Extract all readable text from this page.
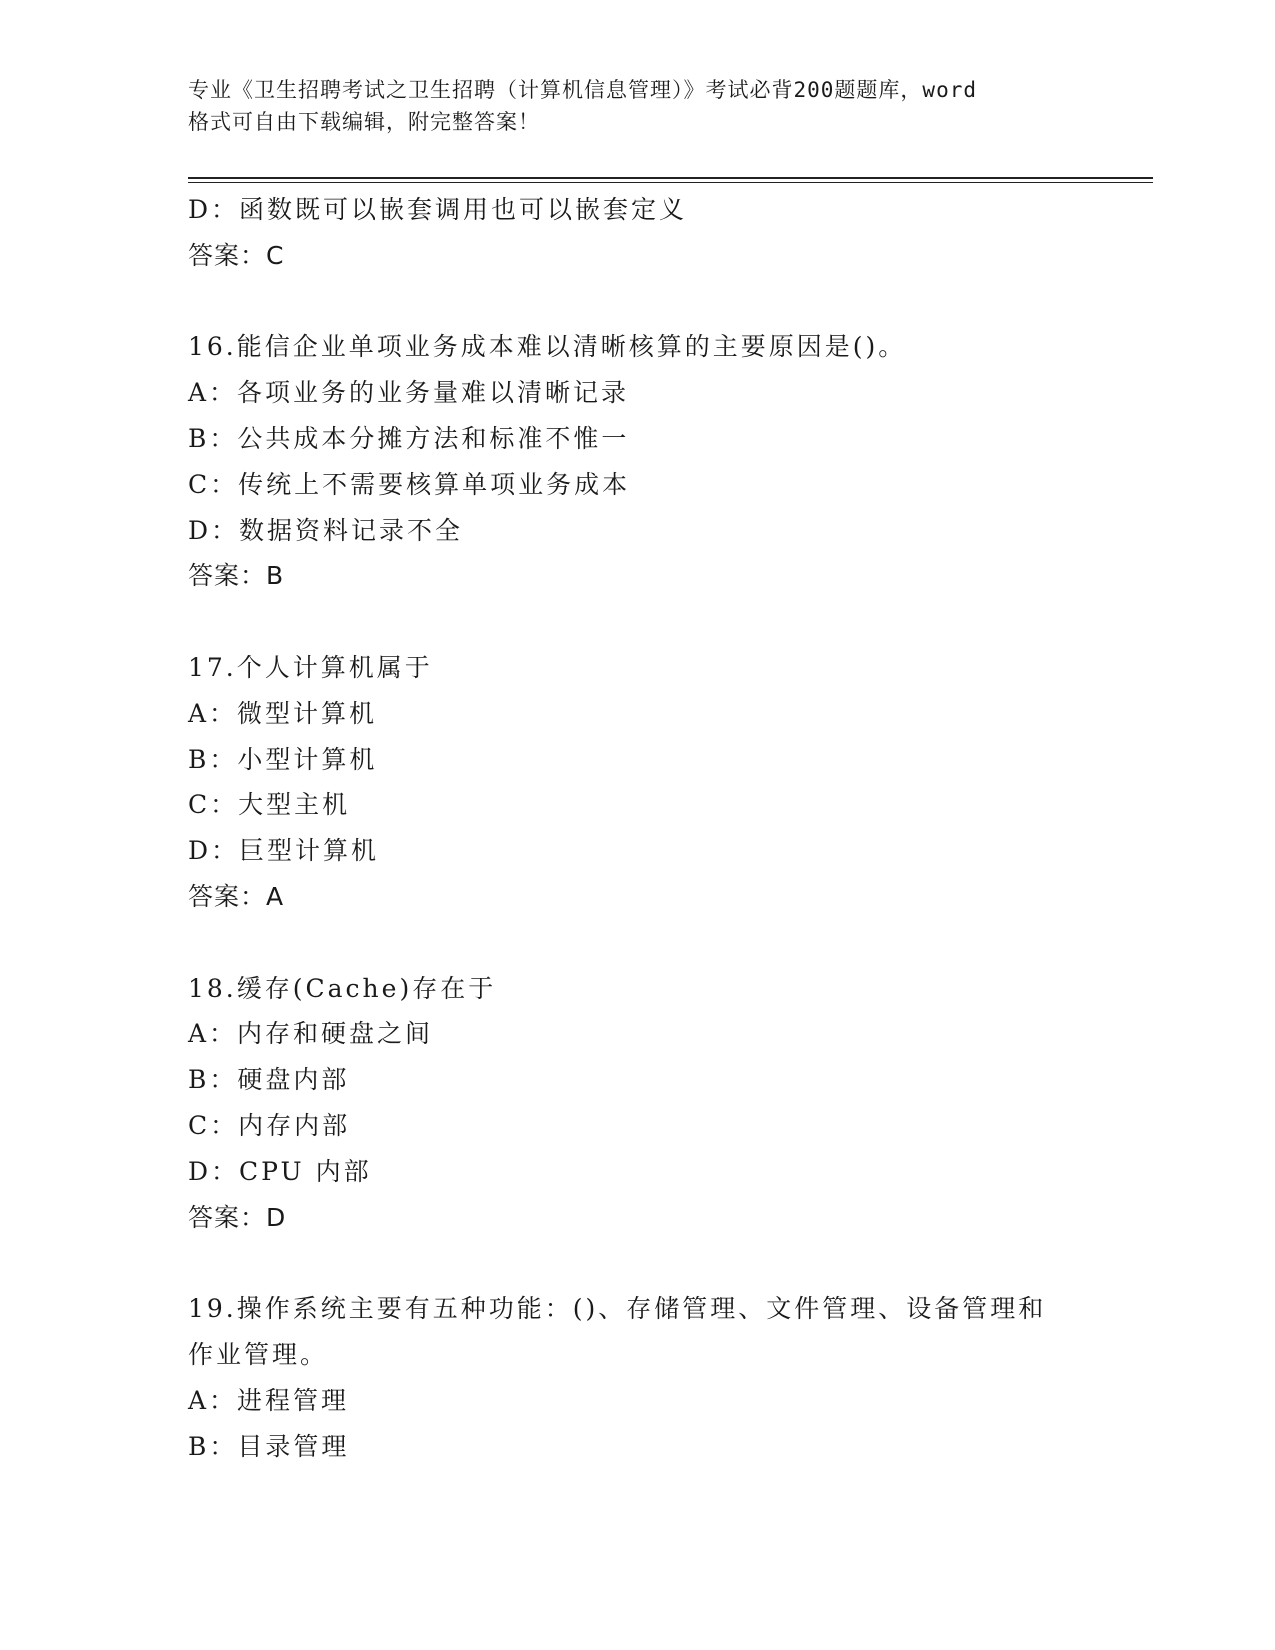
专业《卫生招聘考试之卫生招聘（计算机信息管理）》考试必背200题题库，word
格式可自由下载编辑，附完整答案！
D：函数既可以嵌套调用也可以嵌套定义
答案：C
16.能信企业单项业务成本难以清晰核算的主要原因是()。
A：各项业务的业务量难以清晰记录
B：公共成本分摊方法和标准不惟一
C：传统上不需要核算单项业务成本
D：数据资料记录不全
答案：B
17.个人计算机属于
A：微型计算机
B：小型计算机
C：大型主机
D：巨型计算机
答案：A
18.缓存(Cache)存在于
A：内存和硬盘之间
B：硬盘内部
C：内存内部
D：CPU 内部
答案：D
19.操作系统主要有五种功能：()、存储管理、文件管理、设备管理和
作业管理。
A：进程管理
B：目录管理
